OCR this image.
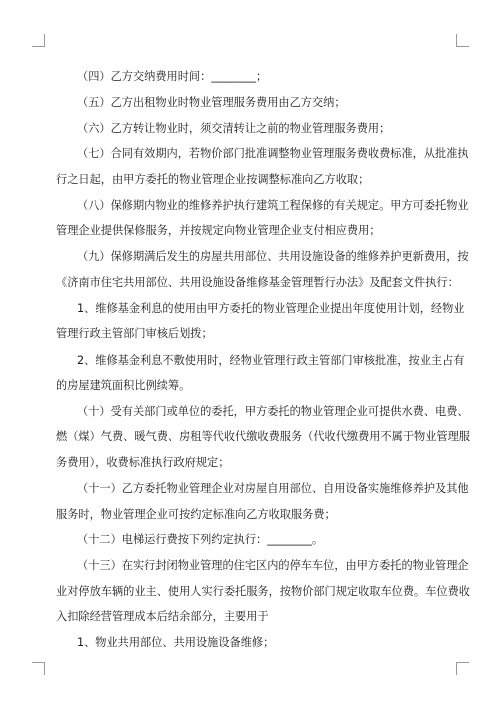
（四）乙方交纳费用时间：________；
（五）乙方出租物业时物业管理服务费用由乙方交纳；
（六）乙方转让物业时，须交清转让之前的物业管理服务费用；
（七）合同有效期内，若物价部门批准调整物业管理服务费收费标准，从批准执
行之日起，由甲方委托的物业管理企业按调整标准向乙方收取；
（八）保修期内物业的维修养护执行建筑工程保修的有关规定。甲方可委托物业
管理企业提供保修服务，并按规定向物业管理企业支付相应费用；
（九）保修期满后发生的房屋共用部位、共用设施设备的维修养护更新费用，按
《济南市住宅共用部位、共用设施设备维修基金管理暂行办法》及配套文件执行：
1、维修基金利息的使用由甲方委托的物业管理企业提出年度使用计划，经物业
管理行政主管部门审核后划拨；
2、维修基金利息不敷使用时，经物业管理行政主管部门审核批准，按业主占有
的房屋建筑面积比例续筹。
（十）受有关部门或单位的委托，甲方委托的物业管理企业可提供水费、电费、
燃（煤）气费、暖气费、房租等代收代缴收费服务（代收代缴费用不属于物业管理服
务费用），收费标准执行政府规定；
（十一）乙方委托物业管理企业对房屋自用部位、自用设备实施维修养护及其他
服务时，物业管理企业可按约定标准向乙方收取服务费；
（十二）电梯运行费按下列约定执行：________。
（十三）在实行封闭物业管理的住宅区内的停车车位，由甲方委托的物业管理企
业对停放车辆的业主、使用人实行委托服务，按物价部门规定收取车位费。车位费收
入扣除经营管理成本后结余部分，主要用于
1、物业共用部位、共用设施设备维修；
